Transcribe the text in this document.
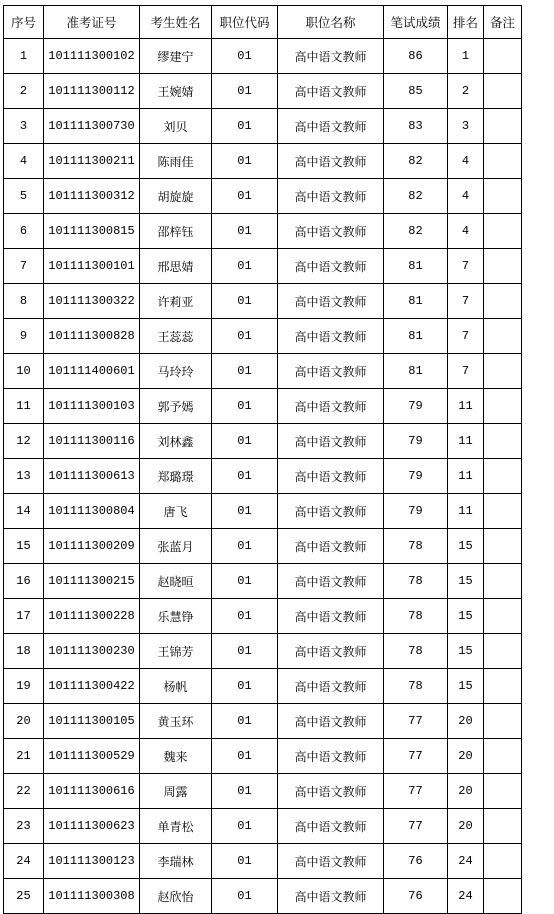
序号	准考证号	考生姓名	职位代码	职位名称	笔试成绩	排名	备注
1	101111300102	缪建宁	01	高中语文教师	86	1	
2	101111300112	王婉婧	01	高中语文教师	85	2	
3	101111300730	刘贝	01	高中语文教师	83	3	
4	101111300211	陈雨佳	01	高中语文教师	82	4	
5	101111300312	胡旋旋	01	高中语文教师	82	4	
6	101111300815	邵梓钰	01	高中语文教师	82	4	
7	101111300101	邢思婧	01	高中语文教师	81	7	
8	101111300322	许莉亚	01	高中语文教师	81	7	
9	101111300828	王蕊蕊	01	高中语文教师	81	7	
10	101111400601	马玲玲	01	高中语文教师	81	7	
11	101111300103	郭予嫣	01	高中语文教师	79	11	
12	101111300116	刘林鑫	01	高中语文教师	79	11	
13	101111300613	郑璐璟	01	高中语文教师	79	11	
14	101111300804	唐飞	01	高中语文教师	79	11	
15	101111300209	张蓝月	01	高中语文教师	78	15	
16	101111300215	赵晓晅	01	高中语文教师	78	15	
17	101111300228	乐慧铮	01	高中语文教师	78	15	
18	101111300230	王锦芳	01	高中语文教师	78	15	
19	101111300422	杨帆	01	高中语文教师	78	15	
20	101111300105	黄玉环	01	高中语文教师	77	20	
21	101111300529	魏来	01	高中语文教师	77	20	
22	101111300616	周露	01	高中语文教师	77	20	
23	101111300623	单青松	01	高中语文教师	77	20	
24	101111300123	李瑞林	01	高中语文教师	76	24	
25	101111300308	赵欣怡	01	高中语文教师	76	24	
